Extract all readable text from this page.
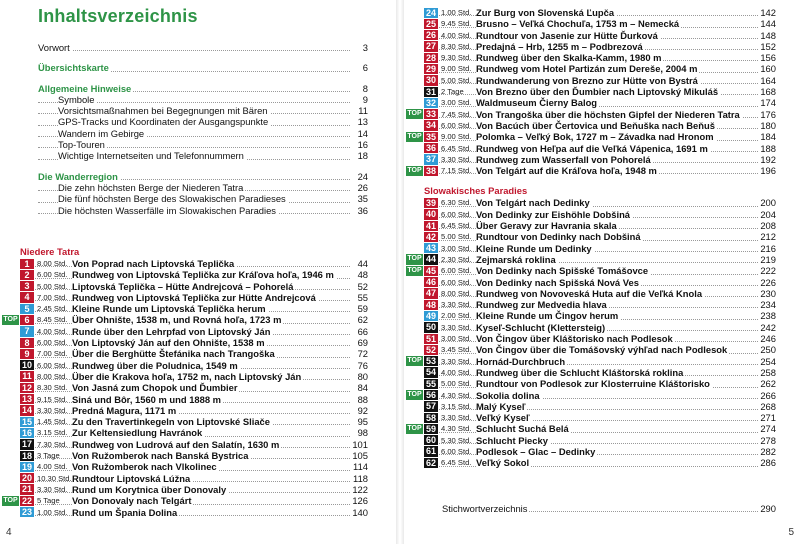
Inhaltsverzeichnis
Vorwort	3
Übersichtskarte	6
Allgemeine Hinweise	8
Symbole	9
Vorsichtsmaßnahmen bei Begegnungen mit Bären	11
GPS-Tracks und Koordinaten der Ausgangspunkte	13
Wandern im Gebirge	14
Top-Touren	16
Wichtige Internetseiten und Telefonnummern	18
Die Wanderregion	24
Die zehn höchsten Berge der Niederen Tatra	26
Die fünf höchsten Berge des Slowakischen Paradieses	35
Die höchsten Wasserfälle im Slowakischen Paradies	36
Niedere Tatra
1 8.00 Std. Von Poprad nach Liptovská Teplička	44
2 6.00 Std. Rundweg von Liptovská Teplička zur Kráľova hoľa, 1946 m	48
3 5.00 Std. Liptovská Teplička – Hütte Andrejcová – Pohorelá	52
4 7.00 Std. Rundweg von Liptovská Teplička zur Hütte Andrejcová	55
5 2.45 Std. Kleine Runde um Liptovská Teplička herum	59
TOP 6 8.45 Std. Über Ohnište, 1538 m, und Rovná hoľa, 1723 m	62
7 4.00 Std. Runde über den Lehrpfad von Liptovský Ján	66
8 6.00 Std. Von Liptovský Ján auf den Ohnište, 1538 m	69
9 7.00 Std. Über die Berghütte Štefánika nach Trangoška	72
10 6.00 Std. Rundweg über die Poludnica, 1549 m	76
11 8.00 Std. Über die Krakova hoľa, 1752 m, nach Liptovský Ján	80
12 8.30 Std. Von Jasná zum Chopok und Ďumbier	84
13 9.15 Std. Siná und Bôr, 1560 m und 1888 m	88
14 3.30 Std. Predná Magura, 1171 m	92
15 1.45 Std. Zu den Travertinkegeln von Liptovské Sliače	95
16 3.15 Std. Zur Keltensiedlung Havránok	98
17 7.30 Std. Rundweg von Ludrová auf den Salatín, 1630 m	101
18 3 Tage Von Ružomberok nach Banská Bystrica	105
19 4.00 Std. Von Ružomberok nach Vlkolinec	114
20 10.30 Std. Rundtour Liptovská Lúžna	118
21 3.30 Std. Rund um Korytnica über Donovaly	122
TOP 22 5 Tage Von Donovaly nach Telgárt	126
23 1.00 Std. Rund um Špania Dolina	140
4
24 1.00 Std. Zur Burg von Slovenská Ľupča	142
25 9.45 Std. Brusno – Veľká Chochuľa, 1753 m – Nemecká	144
26 4.00 Std. Rundtour von Jasenie zur Hütte Ďurková	148
27 8.30 Std. Predajná – Hrb, 1255 m – Podbrezová	152
28 9.30 Std. Rundweg über den Skalka-Kamm, 1980 m	156
29 9.00 Std. Rundweg vom Hotel Partizán zum Dereše, 2004 m	160
30 5.00 Std. Rundwanderung von Brezno zur Hütte von Bystrá	164
31 2 Tage Von Brezno über den Ďumbier nach Liptovský Mikuláš	168
32 3.00 Std. Waldmuseum Čierny Balog	174
TOP 33 7.45 Std. Von Trangoška über die höchsten Gipfel der Niederen Tatra 176
34 6.00 Std. Von Bacúch über Čertovica und Beňuška nach Beňuš	180
TOP 35 9.00 Std. Polomka – Veľký Bok, 1727 m – Závadka nad Hronom	184
36 6.45 Std. Rundweg von Heľpa auf die Veľká Vápenica, 1691 m	188
37 3.30 Std. Rundweg zum Wasserfall von Pohorelá	192
TOP 38 7.15 Std. Von Telgárt auf die Kráľova hoľa, 1948 m	196
Slowakisches Paradies
39 6.30 Std. Von Telgárt nach Dedinky	200
40 6.00 Std. Von Dedinky zur Eishöhle Dobšiná	204
41 6.45 Std. Über Geravy zur Havrania skala	208
42 5.00 Std. Rundtour von Dedinky nach Dobšiná	212
43 3.00 Std. Kleine Runde um Dedinky	216
TOP 44 2.30 Std. Zejmarská roklina	219
TOP 45 6.00 Std. Von Dedinky nach Spišské Tomášovce	222
46 6.00 Std. Von Dedinky nach Spišská Nová Ves	226
47 8.00 Std. Rundweg von Novoveská Huta auf die Veľká Knola	230
48 3.30 Std. Rundweg zur Medvedia hlava	234
49 2.00 Std. Kleine Runde um Čingov herum	238
50 3.30 Std. Kyseľ-Schlucht (Klettersteig)	242
51 3.00 Std. Von Čingov über Kláštorisko nach Podlesok	246
52 3.45 Std. Von Čingov über die Tomášovský výhľad nach Podlesok	250
TOP 53 3.30 Std. Hornád-Durchbruch	254
54 4.00 Std. Rundweg über die Schlucht Kláštorská roklina	258
55 5.00 Std. Rundtour von Podlesok zur Klosterruine Kláštorisko	262
TOP 56 4.30 Std. Sokolia dolina	266
57 3.15 Std. Malý Kyseľ	268
58 3.30 Std. Veľký Kyseľ	271
TOP 59 4.30 Std. Schlucht Suchá Belá	274
60 5.30 Std. Schlucht Piecky	278
61 6.00 Std. Podlesok – Glac – Dedinky	282
62 6.45 Std. Veľký Sokol	286
Stichwortverzeichnis	290
5
